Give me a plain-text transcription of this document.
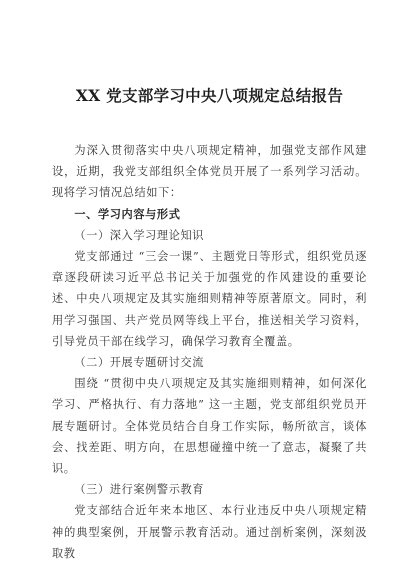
XX 党支部学习中央八项规定总结报告

为深入贯彻落实中央八项规定精神，加强党支部作风建设，近期，我党支部组织全体党员开展了一系列学习活动。现将学习情况总结如下：

一、学习内容与形式

（一）深入学习理论知识

党支部通过 “三会一课”、主题党日等形式，组织党员逐章逐段研读习近平总书记关于加强党的作风建设的重要论述、中央八项规定及其实施细则精神等原著原文。同时，利用学习强国、共产党员网等线上平台，推送相关学习资料，引导党员干部在线学习，确保学习教育全覆盖。

（二）开展专题研讨交流

围绕 “贯彻中央八项规定及其实施细则精神，如何深化学习、严格执行、有力落地” 这一主题，党支部组织党员开展专题研讨。全体党员结合自身工作实际，畅所欲言，谈体会、找差距、明方向，在思想碰撞中统一了意志，凝聚了共识。

（三）进行案例警示教育

党支部结合近年来本地区、本行业违反中央八项规定精神的典型案例，开展警示教育活动。通过剖析案例，深刻汲取教
